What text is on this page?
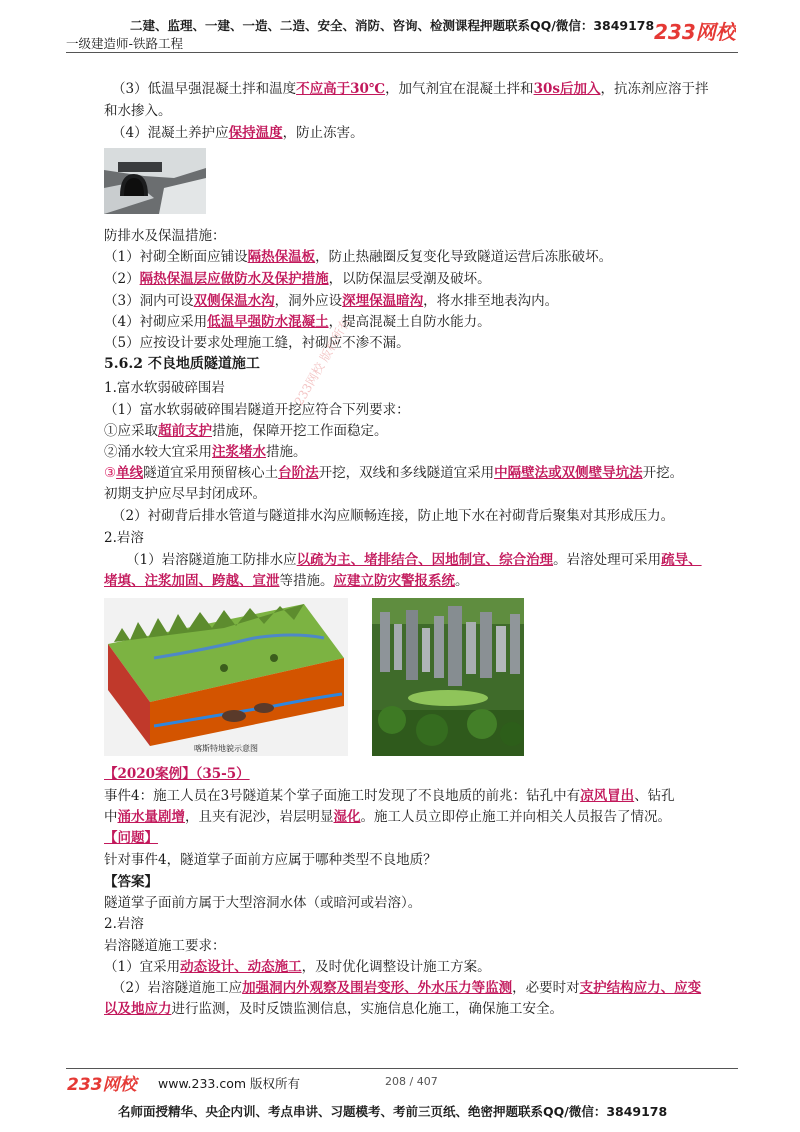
二建、监理、一建、一造、二造、安全、消防、咨询、检测课程押题联系QQ/微信：3849178
一级建造师-铁路工程	233网校
233网校 版权所有
（3）低温早强混凝土拌和温度不应高于30℃，加气剂宜在混凝土拌和30s后加入，抗冻剂应溶于拌
和水掺入。
（4）混凝土养护应保持温度，防止冻害。
防排水及保温措施：
（1）衬砌全断面应铺设隔热保温板，防止热融圈反复变化导致隧道运营后冻胀破坏。
（2）隔热保温层应做防水及保护措施，以防保温层受潮及破坏。
（3）洞内可设双侧保温水沟，洞外应设深埋保温暗沟，将水排至地表沟内。
（4）衬砌应采用低温早强防水混凝土，提高混凝土自防水能力。
（5）应按设计要求处理施工缝，衬砌应不渗不漏。
5.6.2 不良地质隧道施工
1.富水软弱破碎围岩
（1）富水软弱破碎围岩隧道开挖应符合下列要求：
①应采取超前支护措施，保障开挖工作面稳定。
②涌水较大宜采用注浆堵水措施。
③单线隧道宜采用预留核心土台阶法开挖，双线和多线隧道宜采用中隔壁法或双侧壁导坑法开挖。
初期支护应尽早封闭成环。
（2）衬砌背后排水管道与隧道排水沟应顺畅连接，防止地下水在衬砌背后聚集对其形成压力。
2.岩溶
（1）岩溶隧道施工防排水应以疏为主、堵排结合、因地制宜、综合治理。岩溶处理可采用疏导、
堵填、注浆加固、跨越、宣泄等措施。应建立防灾警报系统。
喀斯特地貌示意图
【2020案例】（35-5）
事件4：施工人员在3号隧道某个掌子面施工时发现了不良地质的前兆：钻孔中有凉风冒出、钻孔
中涌水量剧增，且夹有泥沙，岩层明显湿化。施工人员立即停止施工并向相关人员报告了情况。
【问题】
针对事件4，隧道掌子面前方应属于哪种类型不良地质？
【答案】
隧道掌子面前方属于大型溶洞水体（或暗河或岩溶）。
2.岩溶
岩溶隧道施工要求：
（1）宜采用动态设计、动态施工，及时优化调整设计施工方案。
（2）岩溶隧道施工应加强洞内外观察及围岩变形、外水压力等监测，必要时对支护结构应力、应变
以及地应力进行监测，及时反馈监测信息，实施信息化施工，确保施工安全。
233网校 www.233.com 版权所有	208 / 407
名师面授精华、央企内训、考点串讲、习题模考、考前三页纸、绝密押题联系QQ/微信：3849178
